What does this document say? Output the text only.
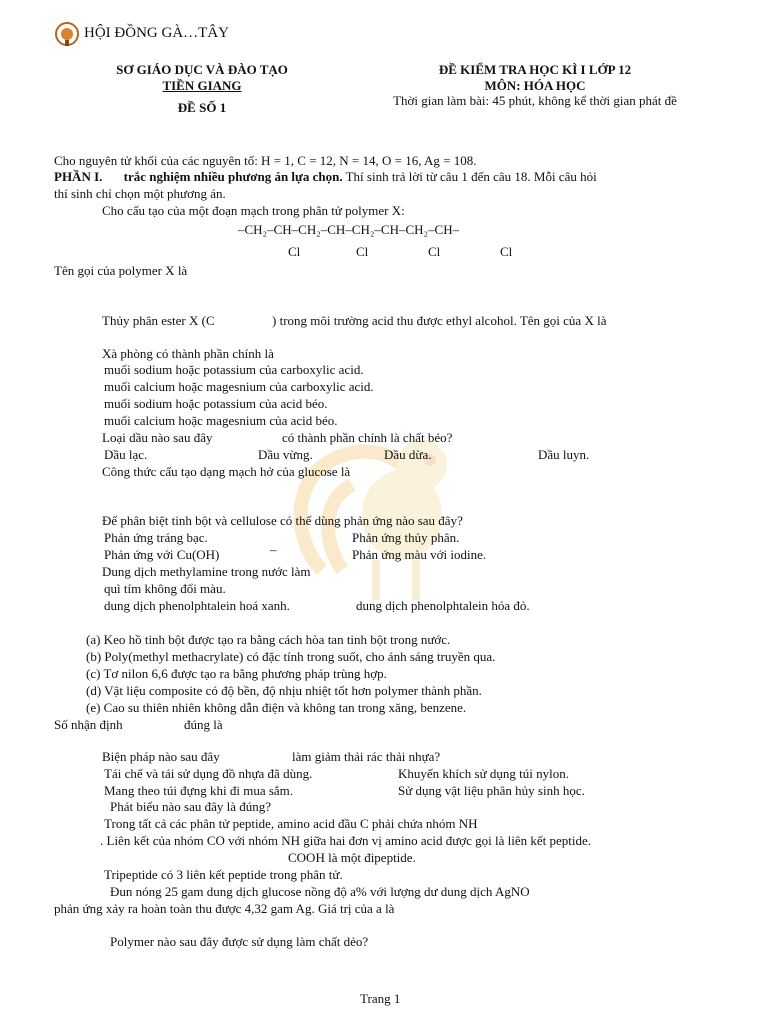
HỘI ĐỒNG GÀ…TÂY
SƠ GIÁO DỤC VÀ ĐÀO TẠO
TIỀN GIANG
ĐỀ SỐ 1
ĐỀ KIỂM TRA HỌC KÌ I LỚP 12
MÔN: HÓA HỌC
Thời gian làm bài: 45 phút, không kể thời gian phát đề
Cho nguyên tử khối của các nguyên tố: H = 1, C = 12, N = 14, O = 16, Ag = 108.
PHẦN I. trắc nghiệm nhiều phương án lựa chọn. Thí sinh trả lời từ câu 1 đến câu 18. Mỗi câu hỏi
thí sinh chỉ chọn một phương án.
Cho cấu tạo của một đoạn mạch trong phân tử polymer X:
–CH₂–CH–CH₂–CH–CH₂–CH–CH₂–CH–
Cl	Cl	Cl	Cl
Tên gọi của polymer X là
Thủy phân ester X (C	) trong môi trường acid thu được ethyl alcohol. Tên gọi của X là
Xà phòng có thành phần chính là
muối sodium hoặc potassium của carboxylic acid.
muối calcium hoặc magesnium của carboxylic acid.
muối sodium hoặc potassium của acid béo.
muối calcium hoặc magesnium của acid béo.
Loại dầu nào sau đây	có thành phần chính là chất béo?
Dầu lạc.	Dầu vừng.	Dầu dừa.	Dầu luyn.
Công thức cấu tạo dạng mạch hở của glucose là
Để phân biệt tinh bột và cellulose có thể dùng phản ứng nào sau đây?
Phản ứng tráng bạc.	Phản ứng thủy phân.
Phản ứng với Cu(OH)	–	Phản ứng màu với iodine.
Dung dịch methylamine trong nước làm
quì tím không đổi màu.
dung dịch phenolphtalein hoá xanh.	dung dịch phenolphtalein hóa đỏ.
(a) Keo hồ tinh bột được tạo ra bằng cách hòa tan tinh bột trong nước.
(b) Poly(methyl methacrylate) có đặc tính trong suốt, cho ánh sáng truyền qua.
(c) Tơ nilon 6,6 được tạo ra bằng phương pháp trùng hợp.
(d) Vật liệu composite có độ bền, độ nhịu nhiệt tốt hơn polymer thành phần.
(e) Cao su thiên nhiên không dẫn điện và không tan trong xăng, benzene.
Số nhận định	đúng là
Biện pháp nào sau đây	làm giảm thải rác thải nhựa?
Tái chế và tái sử dụng đồ nhựa đã dùng.	Khuyến khích sử dụng túi nylon.
Mang theo túi đựng khi đi mua sắm.	Sử dụng vật liệu phân hủy sinh học.
Phát biểu nào sau đây là đúng?
Trong tất cả các phân tử peptide, amino acid đầu C phải chứa nhóm NH
. Liên kết của nhóm CO với nhóm NH giữa hai đơn vị amino acid được gọi là liên kết peptide.
COOH là một đipeptide.
Tripeptide có 3 liên kết peptide trong phân tử.
Đun nóng 25 gam dung dịch glucose nồng độ a% với lượng dư dung dịch AgNO
phản ứng xảy ra hoàn toàn thu được 4,32 gam Ag. Giá trị của a là
Polymer nào sau đây được sử dụng làm chất dẻo?
Trang 1
